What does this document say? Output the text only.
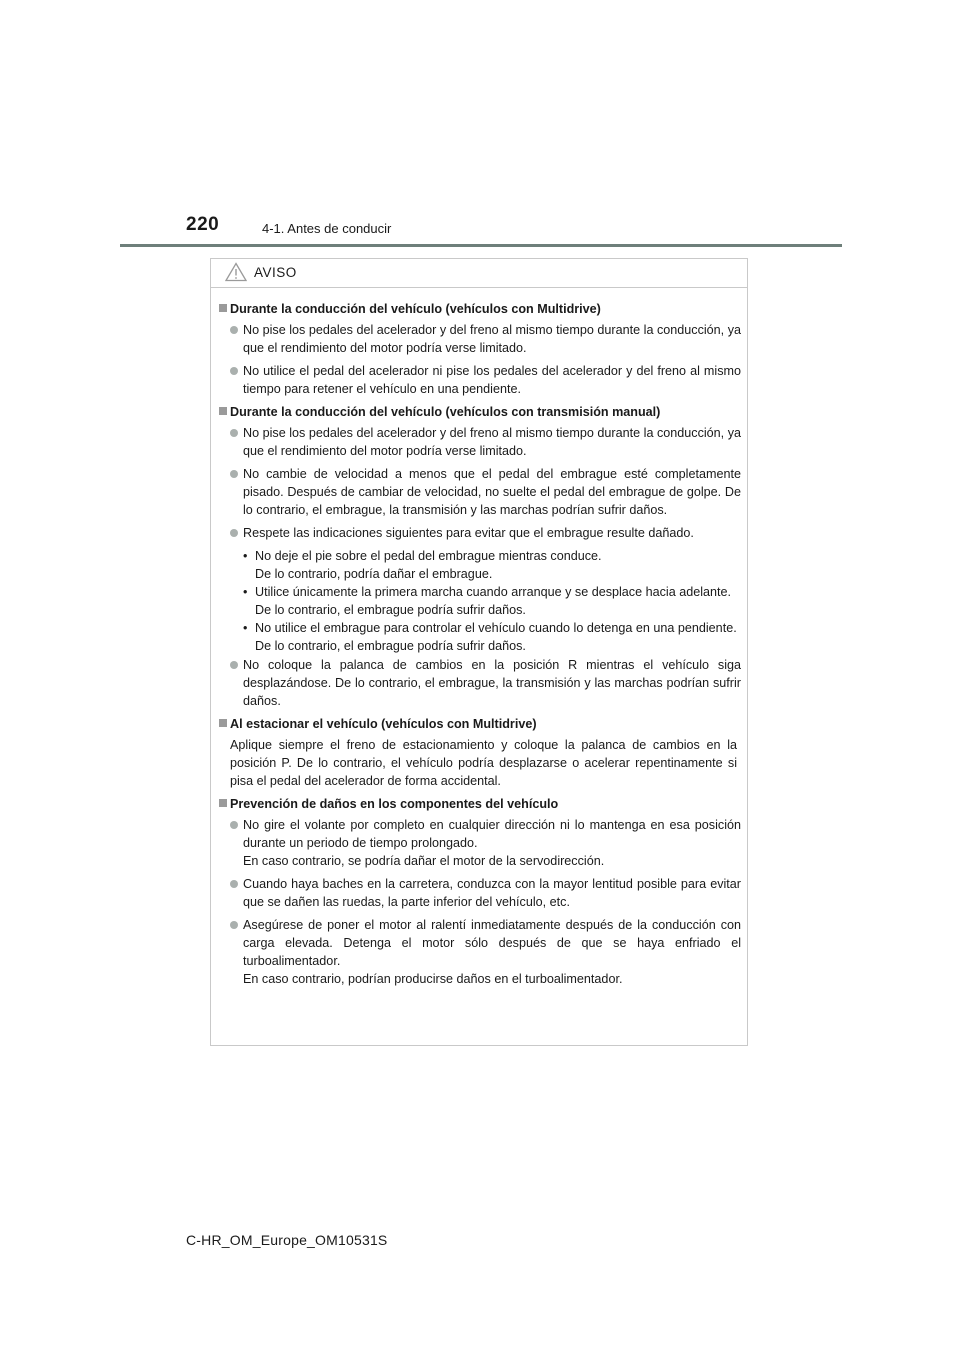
220	4-1. Antes de conducir
AVISO
Durante la conducción del vehículo (vehículos con Multidrive)
No pise los pedales del acelerador y del freno al mismo tiempo durante la conducción, ya que el rendimiento del motor podría verse limitado.
No utilice el pedal del acelerador ni pise los pedales del acelerador y del freno al mismo tiempo para retener el vehículo en una pendiente.
Durante la conducción del vehículo (vehículos con transmisión manual)
No pise los pedales del acelerador y del freno al mismo tiempo durante la conducción, ya que el rendimiento del motor podría verse limitado.
No cambie de velocidad a menos que el pedal del embrague esté completamente pisado. Después de cambiar de velocidad, no suelte el pedal del embrague de golpe. De lo contrario, el embrague, la transmisión y las marchas podrían sufrir daños.
Respete las indicaciones siguientes para evitar que el embrague resulte dañado.
• No deje el pie sobre el pedal del embrague mientras conduce.
De lo contrario, podría dañar el embrague.
• Utilice únicamente la primera marcha cuando arranque y se desplace hacia adelante.
De lo contrario, el embrague podría sufrir daños.
• No utilice el embrague para controlar el vehículo cuando lo detenga en una pendiente.
De lo contrario, el embrague podría sufrir daños.
No coloque la palanca de cambios en la posición R mientras el vehículo siga desplazándose. De lo contrario, el embrague, la transmisión y las marchas podrían sufrir daños.
Al estacionar el vehículo (vehículos con Multidrive)
Aplique siempre el freno de estacionamiento y coloque la palanca de cambios en la posición P. De lo contrario, el vehículo podría desplazarse o acelerar repentinamente si pisa el pedal del acelerador de forma accidental.
Prevención de daños en los componentes del vehículo
No gire el volante por completo en cualquier dirección ni lo mantenga en esa posición durante un periodo de tiempo prolongado.
En caso contrario, se podría dañar el motor de la servodirección.
Cuando haya baches en la carretera, conduzca con la mayor lentitud posible para evitar que se dañen las ruedas, la parte inferior del vehículo, etc.
Asegúrese de poner el motor al ralentí inmediatamente después de la conducción con carga elevada. Detenga el motor sólo después de que se haya enfriado el turboalimentador.
En caso contrario, podrían producirse daños en el turboalimentador.
C-HR_OM_Europe_OM10531S
